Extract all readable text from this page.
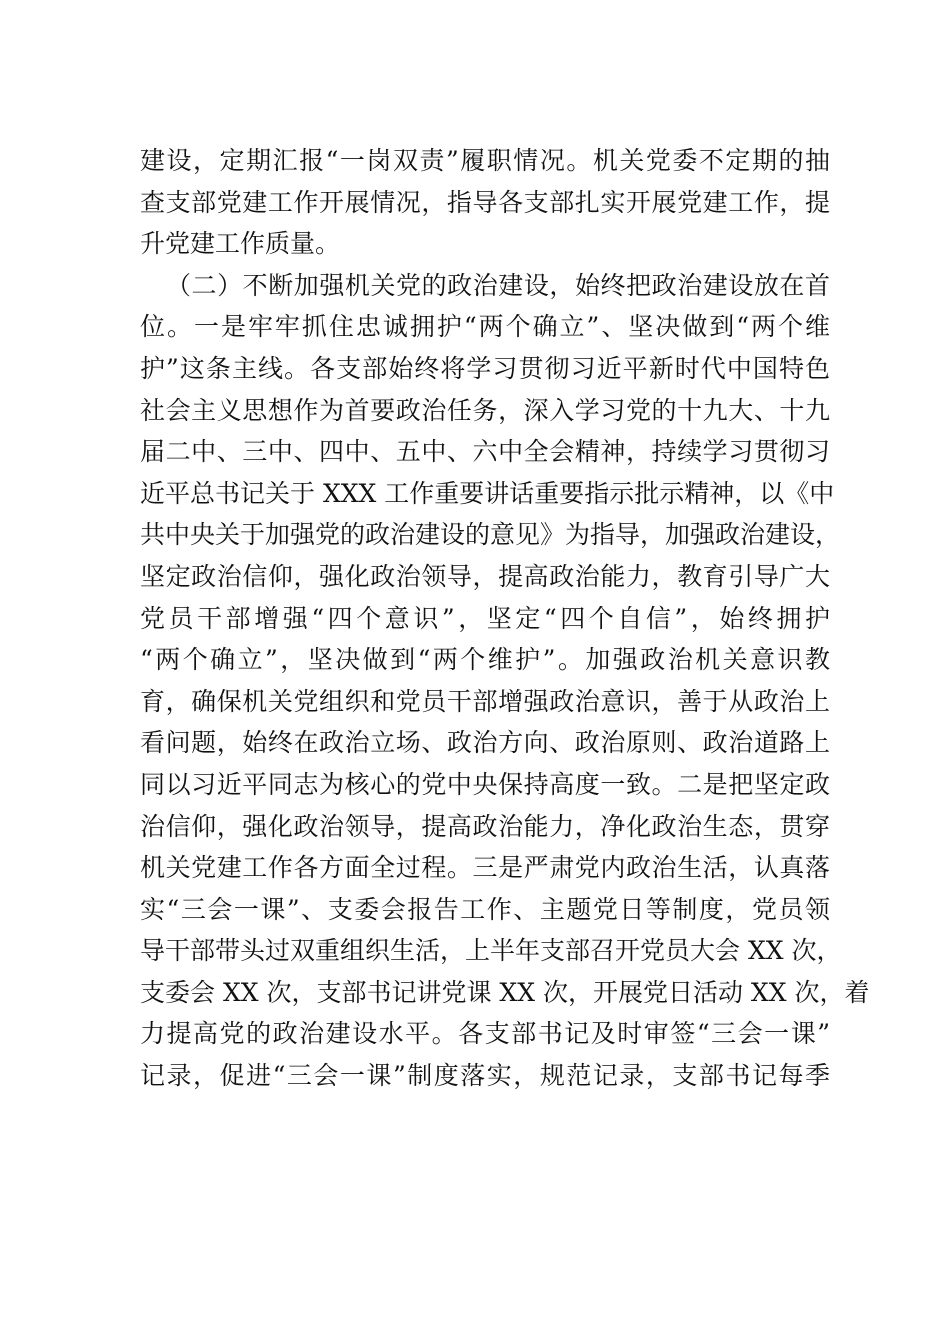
建设，定期汇报“一岗双责”履职情况。机关党委不定期的抽
查支部党建工作开展情况，指导各支部扎实开展党建工作，提
升党建工作质量。
（二）不断加强机关党的政治建设，始终把政治建设放在首
位。一是牢牢抓住忠诚拥护“两个确立”、坚决做到“两个维
护”这条主线。各支部始终将学习贯彻习近平新时代中国特色
社会主义思想作为首要政治任务，深入学习党的十九大、十九
届二中、三中、四中、五中、六中全会精神，持续学习贯彻习
近平总书记关于 XXX 工作重要讲话重要指示批示精神，以《中
共中央关于加强党的政治建设的意见》为指导，加强政治建设，
坚定政治信仰，强化政治领导，提高政治能力，教育引导广大
党员干部增强“四个意识”，坚定“四个自信”，始终拥护
“两个确立”，坚决做到“两个维护”。加强政治机关意识教
育，确保机关党组织和党员干部增强政治意识，善于从政治上
看问题，始终在政治立场、政治方向、政治原则、政治道路上
同以习近平同志为核心的党中央保持高度一致。二是把坚定政
治信仰，强化政治领导，提高政治能力，净化政治生态，贯穿
机关党建工作各方面全过程。三是严肃党内政治生活，认真落
实“三会一课”、支委会报告工作、主题党日等制度，党员领
导干部带头过双重组织生活，上半年支部召开党员大会 XX 次，
支委会 XX 次，支部书记讲党课 XX 次，开展党日活动 XX 次，着
力提高党的政治建设水平。各支部书记及时审签“三会一课”
记录，促进“三会一课”制度落实，规范记录，支部书记每季
